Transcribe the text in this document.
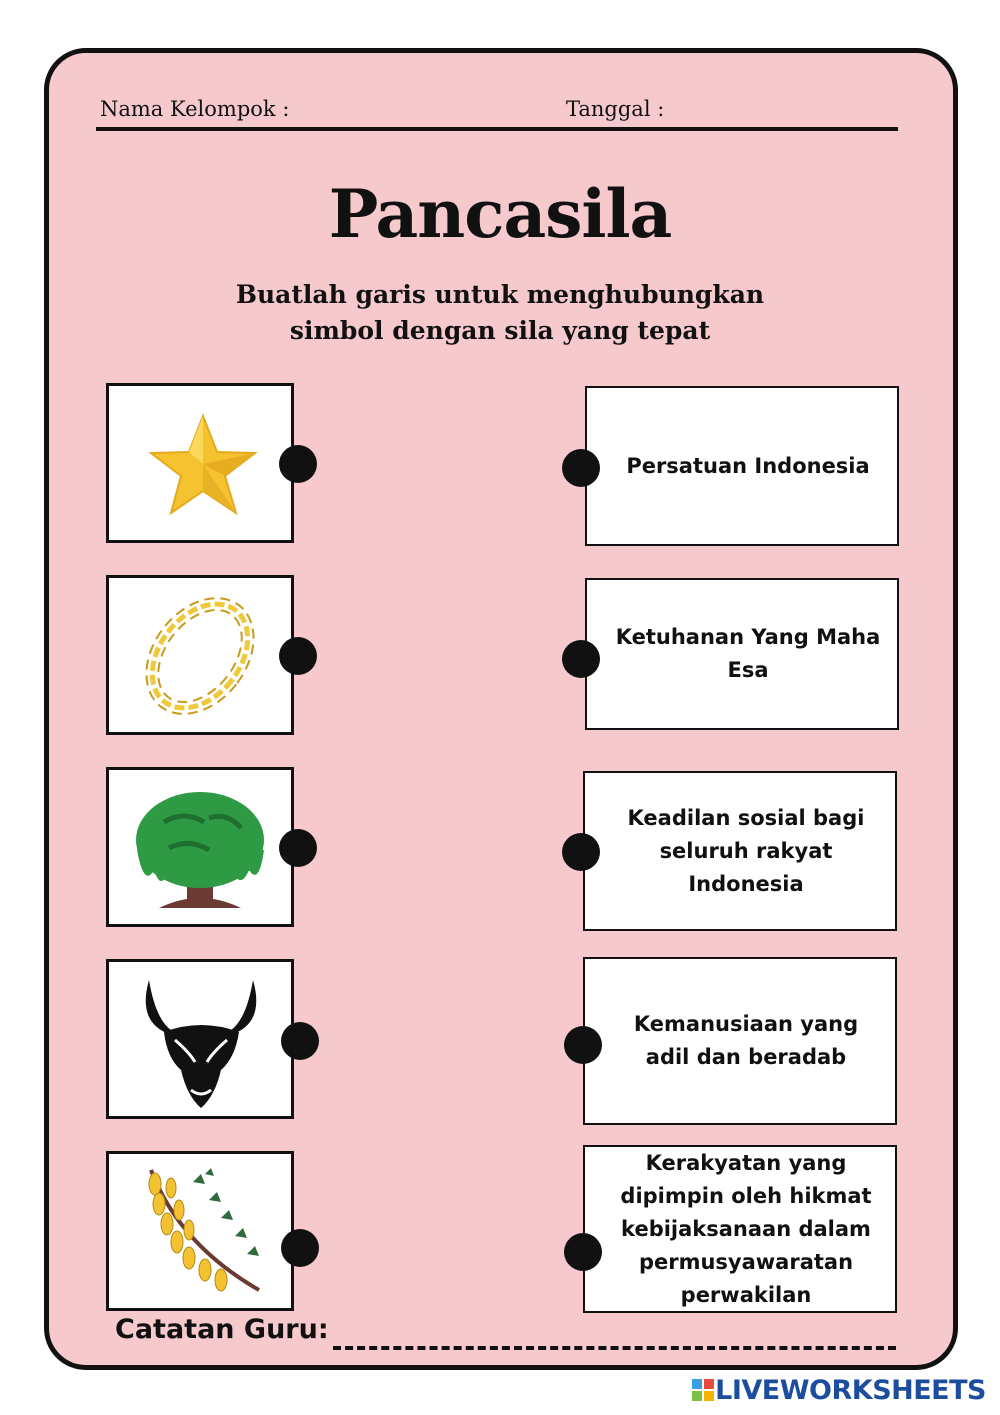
Nama Kelompok :	Tanggal :
Pancasila
Buatlah garis untuk menghubungkan
simbol dengan sila yang tepat
Persatuan Indonesia
Ketuhanan Yang Maha Esa
Keadilan sosial bagi seluruh rakyat Indonesia
Kemanusiaan yang adil dan beradab
Kerakyatan yang dipimpin oleh hikmat kebijaksanaan dalam permusyawaratan perwakilan
Catatan Guru:
LIVEWORKSHEETS
